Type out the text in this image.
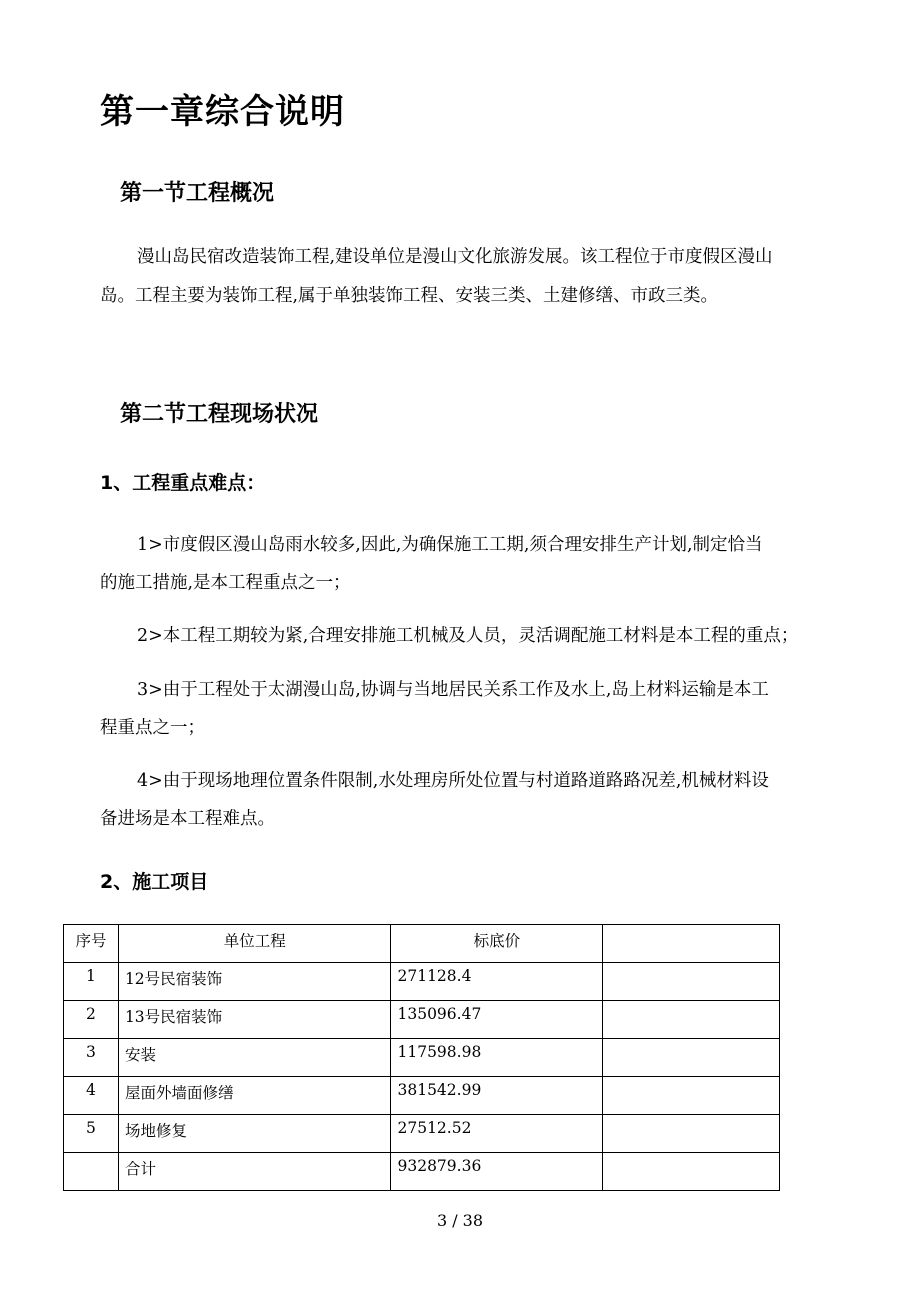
第一章综合说明
第一节工程概况
漫山岛民宿改造装饰工程,建设单位是漫山文化旅游发展。该工程位于市度假区漫山
岛。工程主要为装饰工程,属于单独装饰工程、安装三类、土建修缮、市政三类。
第二节工程现场状况
1、工程重点难点：
1>市度假区漫山岛雨水较多,因此,为确保施工工期,须合理安排生产计划,制定恰当
的施工措施,是本工程重点之一；
2>本工程工期较为紧,合理安排施工机械及人员，灵活调配施工材料是本工程的重点；
3>由于工程处于太湖漫山岛,协调与当地居民关系工作及水上,岛上材料运输是本工
程重点之一；
4>由于现场地理位置条件限制,水处理房所处位置与村道路道路路况差,机械材料设
备进场是本工程难点。
2、施工项目
序号	单位工程	标底价	
1	12号民宿装饰	271128.4	
2	13号民宿装饰	135096.47	
3	安装	117598.98	
4	屋面外墙面修缮	381542.99	
5	场地修复	27512.52	
	合计	932879.36	
3 / 38
